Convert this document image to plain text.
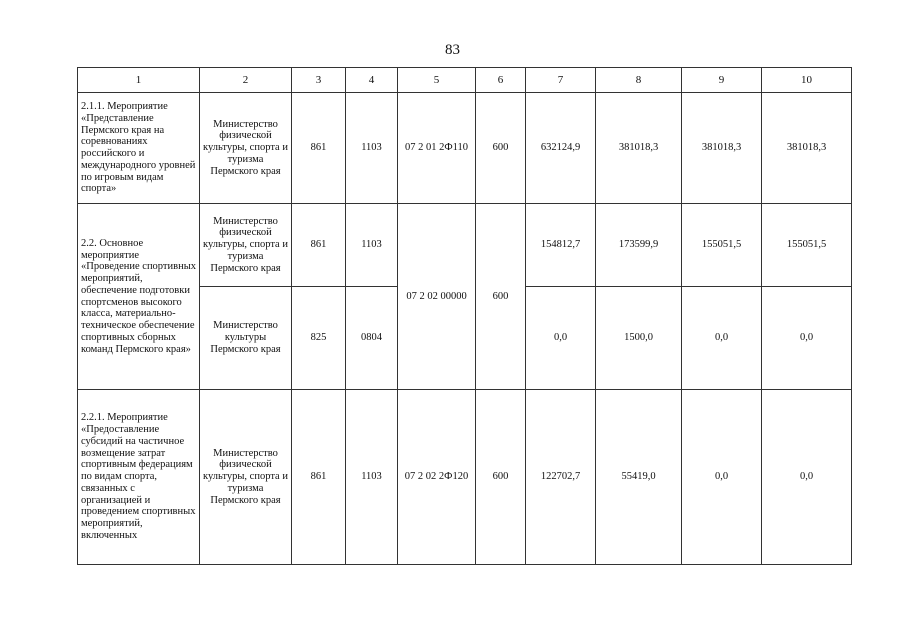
83
1	2	3	4	5	6	7	8	9	10
2.1.1. Мероприятие «Представление Пермского края на соревнованиях российского и международного уровней по игровым видам спорта»	Министерство физической культуры, спорта и туризма Пермского края	861	1103	07 2 01 2Ф110	600	632124,9	381018,3	381018,3	381018,3
2.2. Основное мероприятие «Проведение спортивных мероприятий, обеспечение подготовки спортсменов высокого класса, материально-техническое обеспечение спортивных сборных команд Пермского края»	Министерство физической культуры, спорта и туризма Пермского края	861	1103	07 2 02 00000	600	154812,7	173599,9	155051,5	155051,5
	Министерство культуры Пермского края	825	0804			0,0	1500,0	0,0	0,0
2.2.1. Мероприятие «Предоставление субсидий на частичное возмещение затрат спортивным федерациям по видам спорта, связанных с организацией и проведением спортивных мероприятий, включенных	Министерство физической культуры, спорта и туризма Пермского края	861	1103	07 2 02 2Ф120	600	122702,7	55419,0	0,0	0,0
